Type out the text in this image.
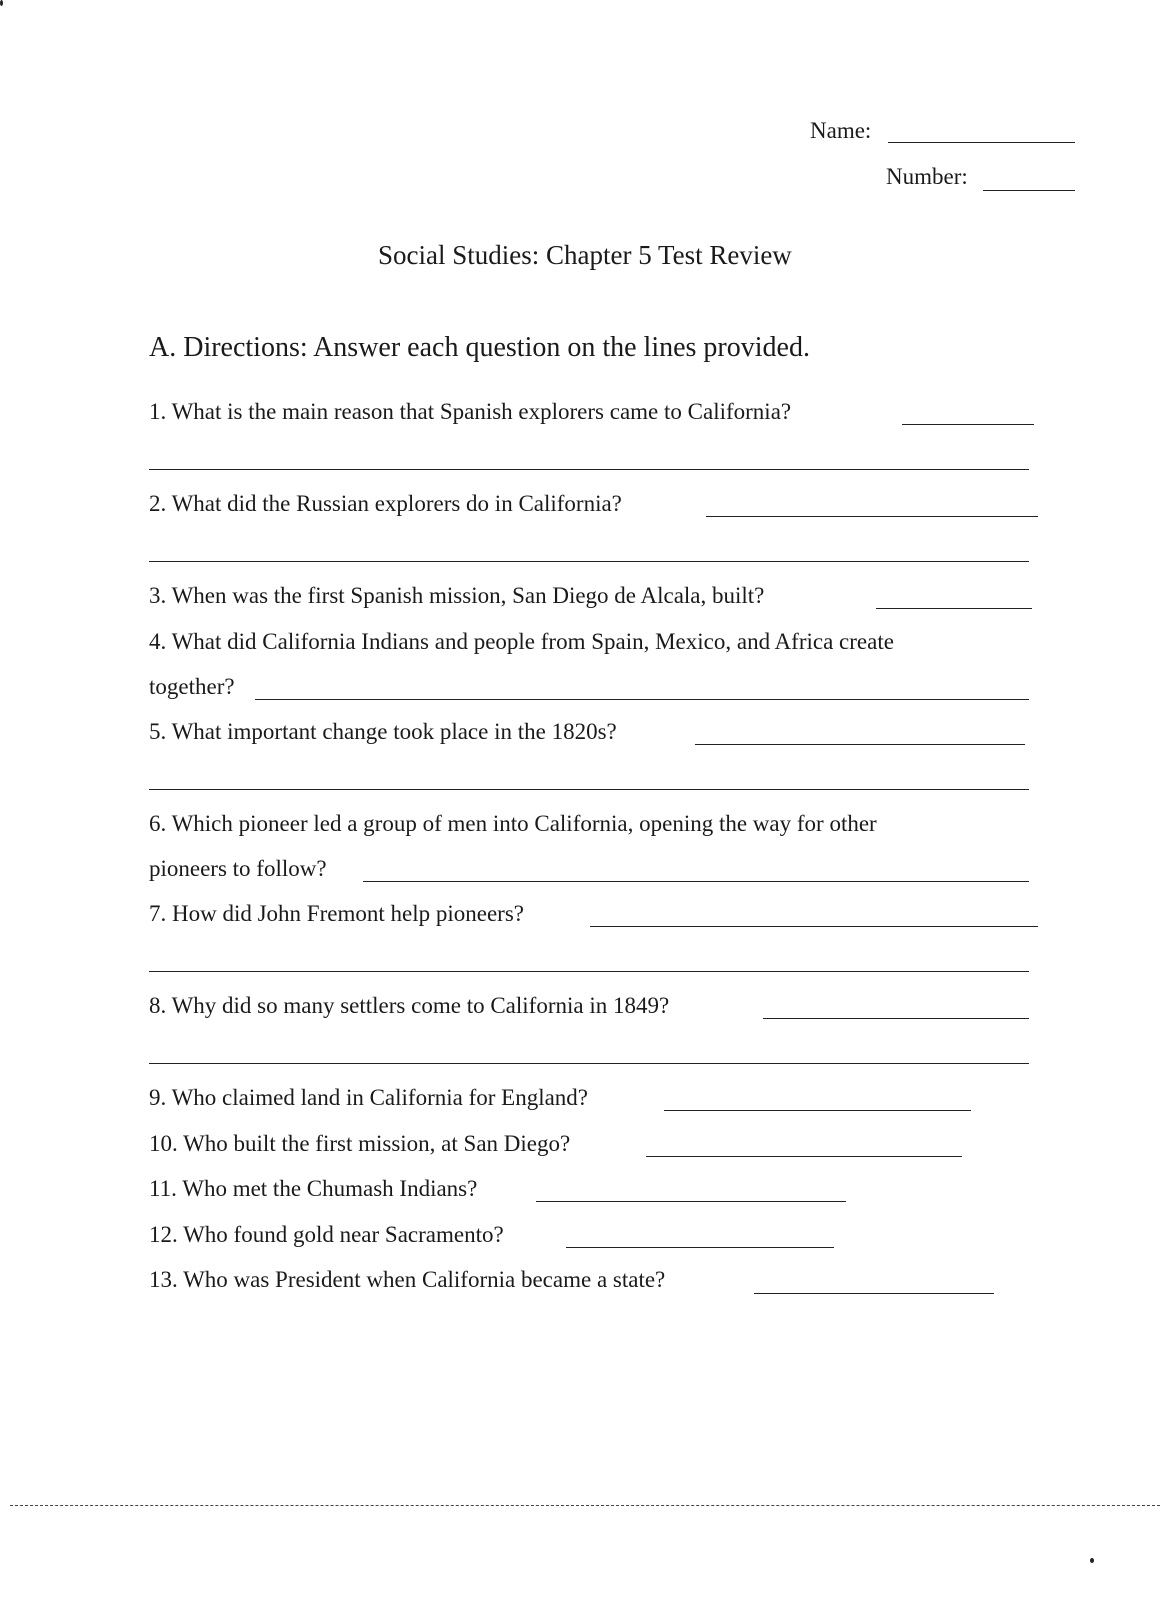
Name:
Number:
Social Studies: Chapter 5 Test Review
A. Directions: Answer each question on the lines provided.
1. What is the main reason that Spanish explorers came to California?
2. What did the Russian explorers do in California?
3. When was the first Spanish mission, San Diego de Alcala, built?
4. What did California Indians and people from Spain, Mexico, and Africa create
together?
5. What important change took place in the 1820s?
6. Which pioneer led a group of men into California, opening the way for other
pioneers to follow?
7. How did John Fremont help pioneers?
8. Why did so many settlers come to California in 1849?
9. Who claimed land in California for England?
10. Who built the first mission, at San Diego?
11. Who met the Chumash Indians?
12. Who found gold near Sacramento?
13. Who was President when California became a state?
